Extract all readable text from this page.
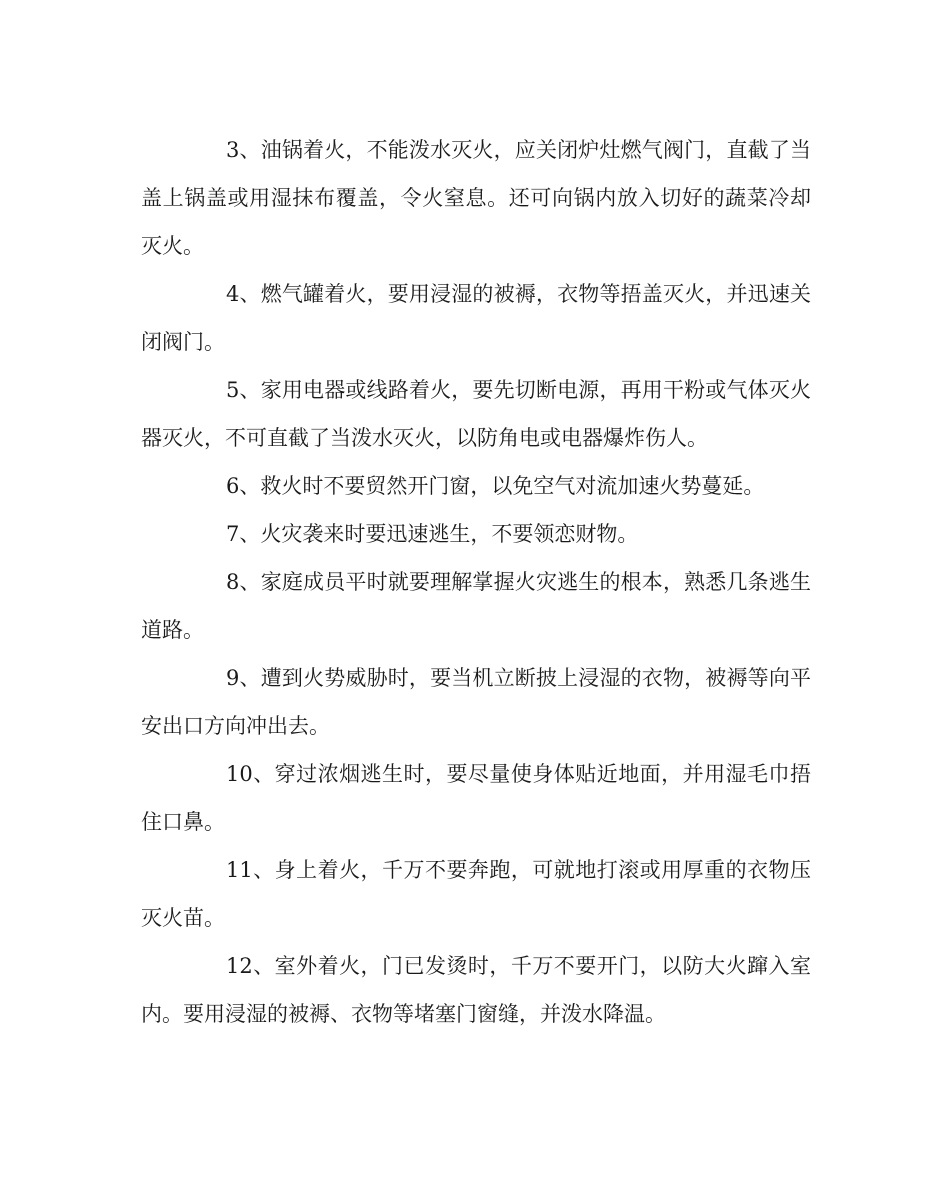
3、油锅着火，不能泼水灭火，应关闭炉灶燃气阀门，直截了当盖上锅盖或用湿抹布覆盖，令火窒息。还可向锅内放入切好的蔬菜冷却灭火。

4、燃气罐着火，要用浸湿的被褥，衣物等捂盖灭火，并迅速关闭阀门。

5、家用电器或线路着火，要先切断电源，再用干粉或气体灭火器灭火，不可直截了当泼水灭火，以防角电或电器爆炸伤人。

6、救火时不要贸然开门窗，以免空气对流加速火势蔓延。

7、火灾袭来时要迅速逃生，不要领恋财物。

8、家庭成员平时就要理解掌握火灾逃生的根本，熟悉几条逃生道路。

9、遭到火势威胁时，要当机立断披上浸湿的衣物，被褥等向平安出口方向冲出去。

10、穿过浓烟逃生时，要尽量使身体贴近地面，并用湿毛巾捂住口鼻。

11、身上着火，千万不要奔跑，可就地打滚或用厚重的衣物压灭火苗。

12、室外着火，门已发烫时，千万不要开门，以防大火蹿入室内。要用浸湿的被褥、衣物等堵塞门窗缝，并泼水降温。
